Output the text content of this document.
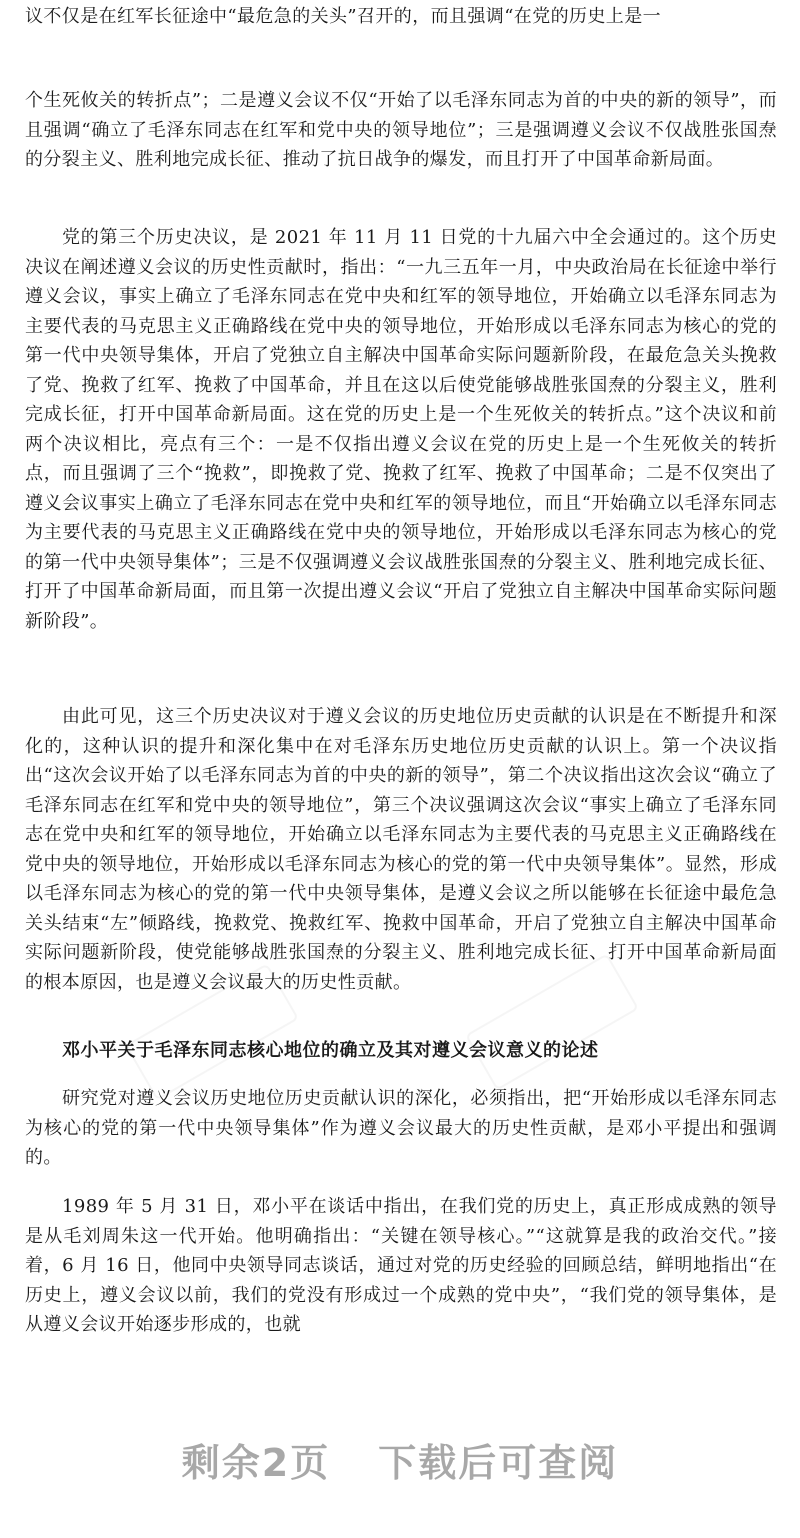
议不仅是在红军长征途中“最危急的关头”召开的，而且强调“在党的历史上是一
个生死攸关的转折点”；二是遵义会议不仅“开始了以毛泽东同志为首的中央的新的领导”，而且强调“确立了毛泽东同志在红军和党中央的领导地位”；三是强调遵义会议不仅战胜张国焘的分裂主义、胜利地完成长征、推动了抗日战争的爆发，而且打开了中国革命新局面。
党的第三个历史决议，是 2021 年 11 月 11 日党的十九届六中全会通过的。这个历史决议在阐述遵义会议的历史性贡献时，指出：“一九三五年一月，中央政治局在长征途中举行遵义会议，事实上确立了毛泽东同志在党中央和红军的领导地位，开始确立以毛泽东同志为主要代表的马克思主义正确路线在党中央的领导地位，开始形成以毛泽东同志为核心的党的第一代中央领导集体，开启了党独立自主解决中国革命实际问题新阶段，在最危急关头挽救了党、挽救了红军、挽救了中国革命，并且在这以后使党能够战胜张国焘的分裂主义，胜利完成长征，打开中国革命新局面。这在党的历史上是一个生死攸关的转折点。”这个决议和前两个决议相比，亮点有三个：一是不仅指出遵义会议在党的历史上是一个生死攸关的转折点，而且强调了三个“挽救”，即挽救了党、挽救了红军、挽救了中国革命；二是不仅突出了遵义会议事实上确立了毛泽东同志在党中央和红军的领导地位，而且“开始确立以毛泽东同志为主要代表的马克思主义正确路线在党中央的领导地位，开始形成以毛泽东同志为核心的党的第一代中央领导集体”；三是不仅强调遵义会议战胜张国焘的分裂主义、胜利地完成长征、打开了中国革命新局面，而且第一次提出遵义会议“开启了党独立自主解决中国革命实际问题新阶段”。
由此可见，这三个历史决议对于遵义会议的历史地位历史贡献的认识是在不断提升和深化的，这种认识的提升和深化集中在对毛泽东历史地位历史贡献的认识上。第一个决议指出“这次会议开始了以毛泽东同志为首的中央的新的领导”，第二个决议指出这次会议“确立了毛泽东同志在红军和党中央的领导地位”，第三个决议强调这次会议“事实上确立了毛泽东同志在党中央和红军的领导地位，开始确立以毛泽东同志为主要代表的马克思主义正确路线在党中央的领导地位，开始形成以毛泽东同志为核心的党的第一代中央领导集体”。显然，形成以毛泽东同志为核心的党的第一代中央领导集体，是遵义会议之所以能够在长征途中最危急关头结束“左”倾路线，挽救党、挽救红军、挽救中国革命，开启了党独立自主解决中国革命实际问题新阶段，使党能够战胜张国焘的分裂主义、胜利地完成长征、打开中国革命新局面的根本原因，也是遵义会议最大的历史性贡献。
邓小平关于毛泽东同志核心地位的确立及其对遵义会议意义的论述
研究党对遵义会议历史地位历史贡献认识的深化，必须指出，把“开始形成以毛泽东同志为核心的党的第一代中央领导集体”作为遵义会议最大的历史性贡献，是邓小平提出和强调的。
1989 年 5 月 31 日，邓小平在谈话中指出，在我们党的历史上，真正形成成熟的领导是从毛刘周朱这一代开始。他明确指出：“关键在领导核心。”“这就算是我的政治交代。”接着，6 月 16 日，他同中央领导同志谈话，通过对党的历史经验的回顾总结，鲜明地指出“在历史上，遵义会议以前，我们的党没有形成过一个成熟的党中央”，“我们党的领导集体，是从遵义会议开始逐步形成的，也就
剩余2页 下载后可查阅
